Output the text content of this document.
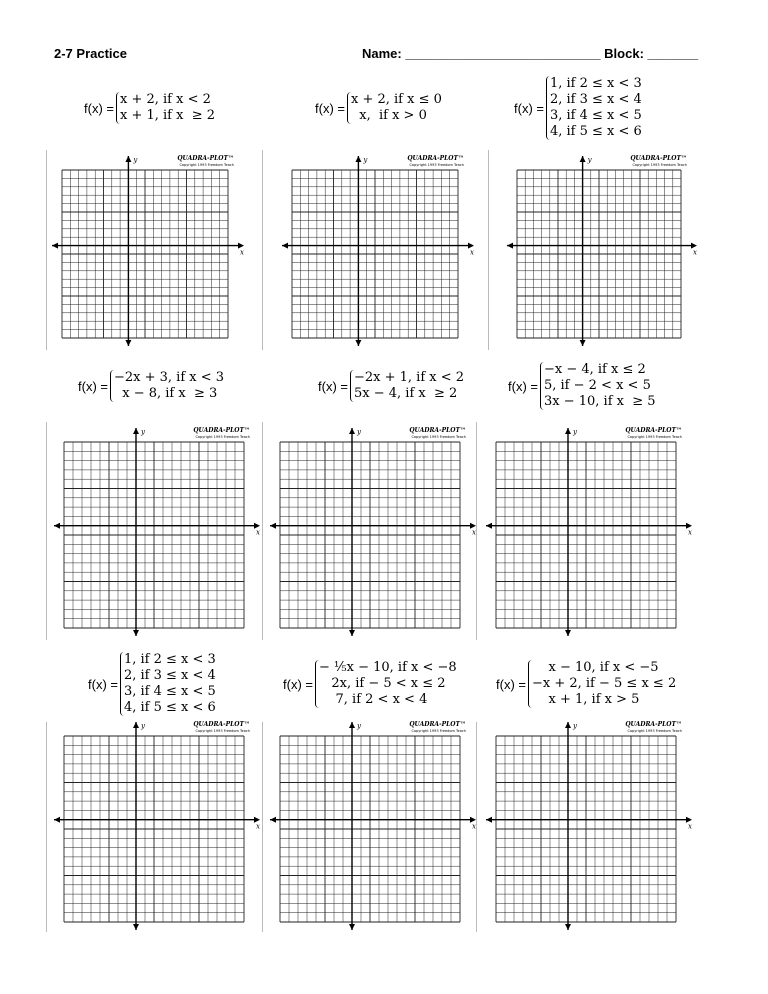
2-7 Practice	Name: ___________________________ Block: _______
f(x) =
x + 2, if x < 2
x + 1, if x  ≥ 2	f(x) =
x + 2, if x ≤ 0
x,  if x > 0	f(x) =
1, if 2 ≤ x < 3
2, if 3 ≤ x < 4
3, if 4 ≤ x < 5
4, if 5 ≤ x < 6
f(x) =
−2x + 3, if x < 3
x − 8, if x  ≥ 3	f(x) =
−2x + 1, if x < 2
5x − 4, if x  ≥ 2	f(x) =
−x − 4, if x ≤ 2
5, if − 2 < x < 5
3x − 10, if x  ≥ 5
f(x) =
1, if 2 ≤ x < 3
2, if 3 ≤ x < 4
3, if 4 ≤ x < 5
4, if 5 ≤ x < 6
f(x) =
− ⅕x − 10, if x < −8
2x, if − 5 < x ≤ 2
7, if 2 < x < 4
f(x) =
x − 10, if x < −5
−x + 2, if − 5 ≤ x ≤ 2
x + 1, if x > 5
y
x
QUADRA-PLOT™
Copyright 1993 Freedom Teach
y
x
QUADRA-PLOT™
Copyright 1993 Freedom Teach
y
x
QUADRA-PLOT™
Copyright 1993 Freedom Teach
y
x
QUADRA-PLOT™
Copyright 1993 Freedom Teach
y
x
QUADRA-PLOT™
Copyright 1993 Freedom Teach
y
x
QUADRA-PLOT™
Copyright 1993 Freedom Teach
y
x
QUADRA-PLOT™
Copyright 1993 Freedom Teach
y
x
QUADRA-PLOT™
Copyright 1993 Freedom Teach
y
x
QUADRA-PLOT™
Copyright 1993 Freedom Teach
